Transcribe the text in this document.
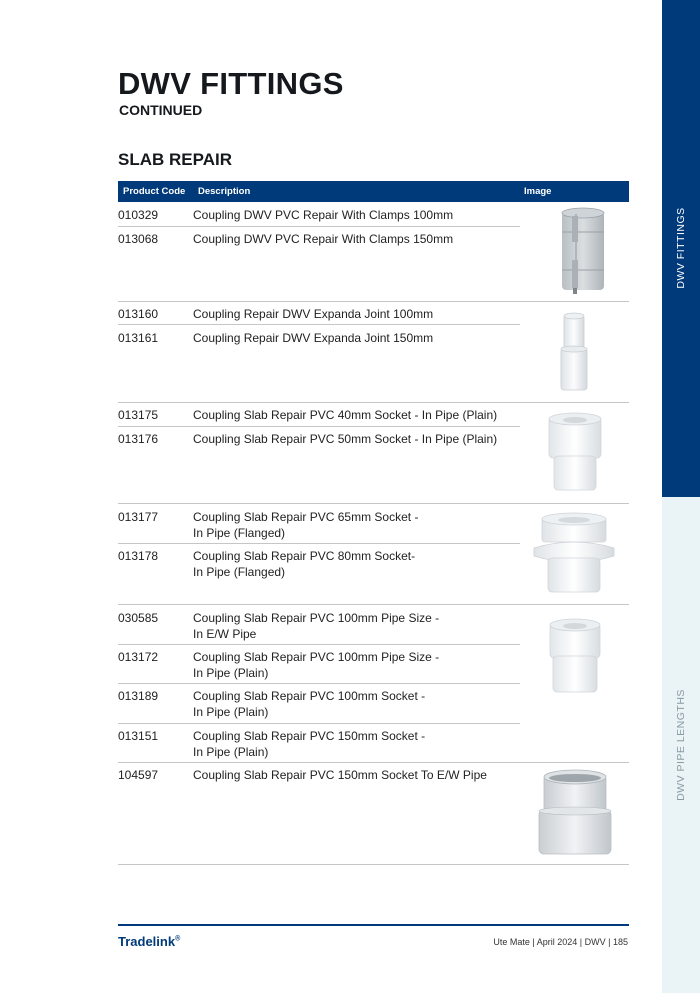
DWV FITTINGS
CONTINUED
SLAB REPAIR
Product Code Description	Image
010329	Coupling DWV PVC Repair With Clamps 100mm
013068	Coupling DWV PVC Repair With Clamps 150mm
013160	Coupling Repair DWV Expanda Joint 100mm
013161	Coupling Repair DWV Expanda Joint 150mm
013175	Coupling Slab Repair PVC 40mm Socket - In Pipe (Plain)
013176	Coupling Slab Repair PVC 50mm Socket - In Pipe (Plain)
013177	Coupling Slab Repair PVC 65mm Socket -
In Pipe (Flanged)
013178	Coupling Slab Repair PVC 80mm Socket-
In Pipe (Flanged)
030585	Coupling Slab Repair PVC 100mm Pipe Size -
In E/W Pipe
013172	Coupling Slab Repair PVC 100mm Pipe Size -
In Pipe (Plain)
013189	Coupling Slab Repair PVC 100mm Socket -
In Pipe (Plain)
013151	Coupling Slab Repair PVC 150mm Socket -
In Pipe (Plain)
104597	Coupling Slab Repair PVC 150mm Socket To E/W Pipe
DWV FITTINGS
DWV PIPE LENGTHS
Tradelink®	Ute Mate | April 2024 | DWV | 185
